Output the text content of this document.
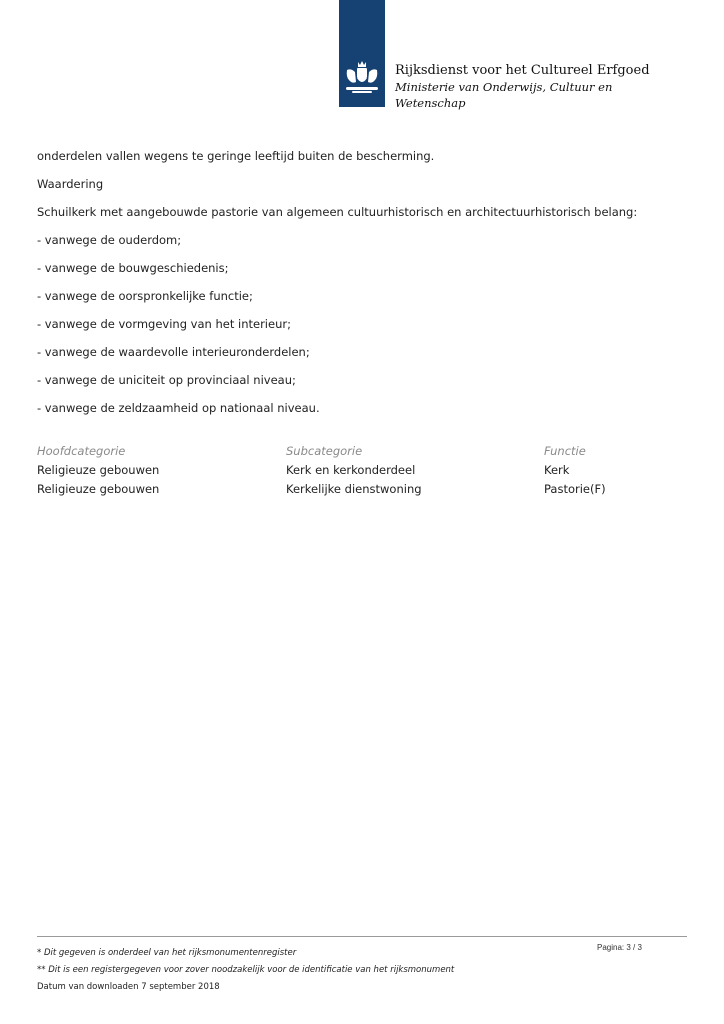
Rijksdienst voor het Cultureel Erfgoed
Ministerie van Onderwijs, Cultuur en
Wetenschap

onderdelen vallen wegens te geringe leeftijd buiten de bescherming.

Waardering

Schuilkerk met aangebouwde pastorie van algemeen cultuurhistorisch en architectuurhistorisch belang:

- vanwege de ouderdom;

- vanwege de bouwgeschiedenis;

- vanwege de oorspronkelijke functie;

- vanwege de vormgeving van het interieur;

- vanwege de waardevolle interieuronderdelen;

- vanwege de uniciteit op provinciaal niveau;

- vanwege de zeldzaamheid op nationaal niveau.

Hoofdcategorie	Subcategorie	Functie
Religieuze gebouwen	Kerk en kerkonderdeel	Kerk
Religieuze gebouwen	Kerkelijke dienstwoning	Pastorie(F)
Pagina: 3 / 3
* Dit gegeven is onderdeel van het rijksmonumentenregister
** Dit is een registergegeven voor zover noodzakelijk voor de identificatie van het rijksmonument
Datum van downloaden 7 september 2018
